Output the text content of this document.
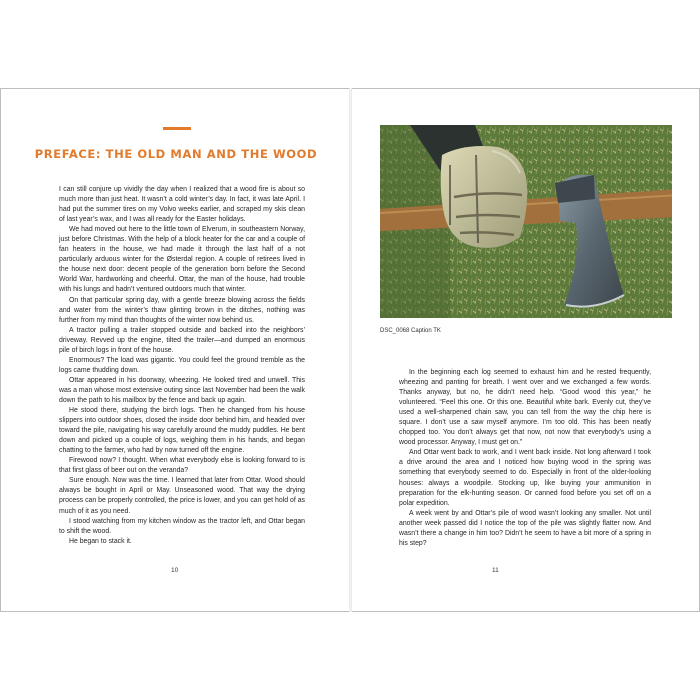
PREFACE: THE OLD MAN AND THE WOOD

I can still conjure up vividly the day when I realized that a wood fire is about so much more than just heat. It wasn’t a cold winter’s day. In fact, it was late April. I had put the summer tires on my Volvo weeks earlier, and scraped my skis clean of last year’s wax, and I was all ready for the Easter holidays.

We had moved out here to the little town of Elverum, in southeastern Norway, just before Christmas. With the help of a block heater for the car and a couple of fan heaters in the house, we had made it through the last half of a not particularly arduous winter for the Østerdal region. A couple of retirees lived in the house next door: decent people of the generation born before the Second World War, hardworking and cheerful. Ottar, the man of the house, had trouble with his lungs and hadn’t ventured outdoors much that winter.

On that particular spring day, with a gentle breeze blowing across the fields and water from the winter’s thaw glinting brown in the ditches, nothing was further from my mind than thoughts of the winter now behind us.

A tractor pulling a trailer stopped outside and backed into the neighbors’ driveway. Revved up the engine, tilted the trailer—and dumped an enormous pile of birch logs in front of the house.

Enormous? The load was gigantic. You could feel the ground tremble as the logs came thudding down.

Ottar appeared in his doorway, wheezing. He looked tired and unwell. This was a man whose most extensive outing since last November had been the walk down the path to his mailbox by the fence and back up again.

He stood there, studying the birch logs. Then he changed from his house slippers into outdoor shoes, closed the inside door behind him, and headed over toward the pile, navigating his way carefully around the muddy puddles. He bent down and picked up a couple of logs, weighing them in his hands, and began chatting to the farmer, who had by now turned off the engine.

Firewood now? I thought. When what everybody else is looking forward to is that first glass of beer out on the veranda?

Sure enough. Now was the time. I learned that later from Ottar. Wood should always be bought in April or May. Unseasoned wood. That way the drying process can be properly controlled, the price is lower, and you can get hold of as much of it as you need.

I stood watching from my kitchen window as the tractor left, and Ottar began to shift the wood.

He began to stack it.

10
DSC_0068 Caption TK

In the beginning each log seemed to exhaust him and he rested frequently, wheezing and panting for breath. I went over and we exchanged a few words. Thanks anyway, but no, he didn’t need help. “Good wood this year,” he volunteered. “Feel this one. Or this one. Beautiful white bark. Evenly cut, they’ve used a well-sharpened chain saw, you can tell from the way the chip here is square. I don’t use a saw myself anymore. I’m too old. This has been neatly chopped too. You don’t always get that now, not now that everybody’s using a wood processor. Anyway, I must get on.”

And Ottar went back to work, and I went back inside. Not long afterward I took a drive around the area and I noticed how buying wood in the spring was something that everybody seemed to do. Especially in front of the older-looking houses: always a woodpile. Stocking up, like buying your ammunition in preparation for the elk-hunting season. Or canned food before you set off on a polar expedition.

A week went by and Ottar’s pile of wood wasn’t looking any smaller. Not until another week passed did I notice the top of the pile was slightly flatter now. And wasn’t there a change in him too? Didn’t he seem to have a bit more of a spring in his step?

11
